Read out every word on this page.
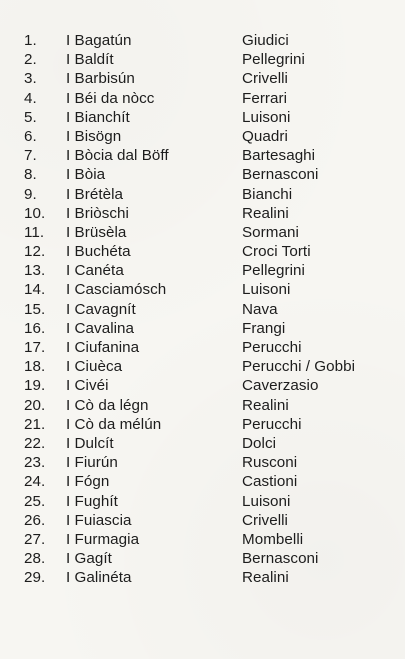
1.	I Bagatún	Giudici
2.	I Baldít	Pellegrini
3.	I Barbisún	Crivelli
4.	I Béi da nòcc	Ferrari
5.	I Bianchít	Luisoni
6.	I Bisögn	Quadri
7.	I Bòcia dal Böff	Bartesaghi
8.	I Bòia	Bernasconi
9.	I Brétèla	Bianchi
10.	I Briòschi	Realini
11.	I Brüsèla	Sormani
12.	I Buchéta	Croci Torti
13.	I Canéta	Pellegrini
14.	I Casciamósch	Luisoni
15.	I Cavagnít	Nava
16.	I Cavalina	Frangi
17.	I Ciufanina	Perucchi
18.	I Ciuèca	Perucchi / Gobbi
19.	I Civéi	Caverzasio
20.	I Cò da légn	Realini
21.	I Cò da mélún	Perucchi
22.	I Dulcít	Dolci
23.	I Fiurún	Rusconi
24.	I Fógn	Castioni
25.	I Fughít	Luisoni
26.	I Fuiascia	Crivelli
27.	I Furmagia	Mombelli
28.	I Gagít	Bernasconi
29.	I Galinéta	Realini
